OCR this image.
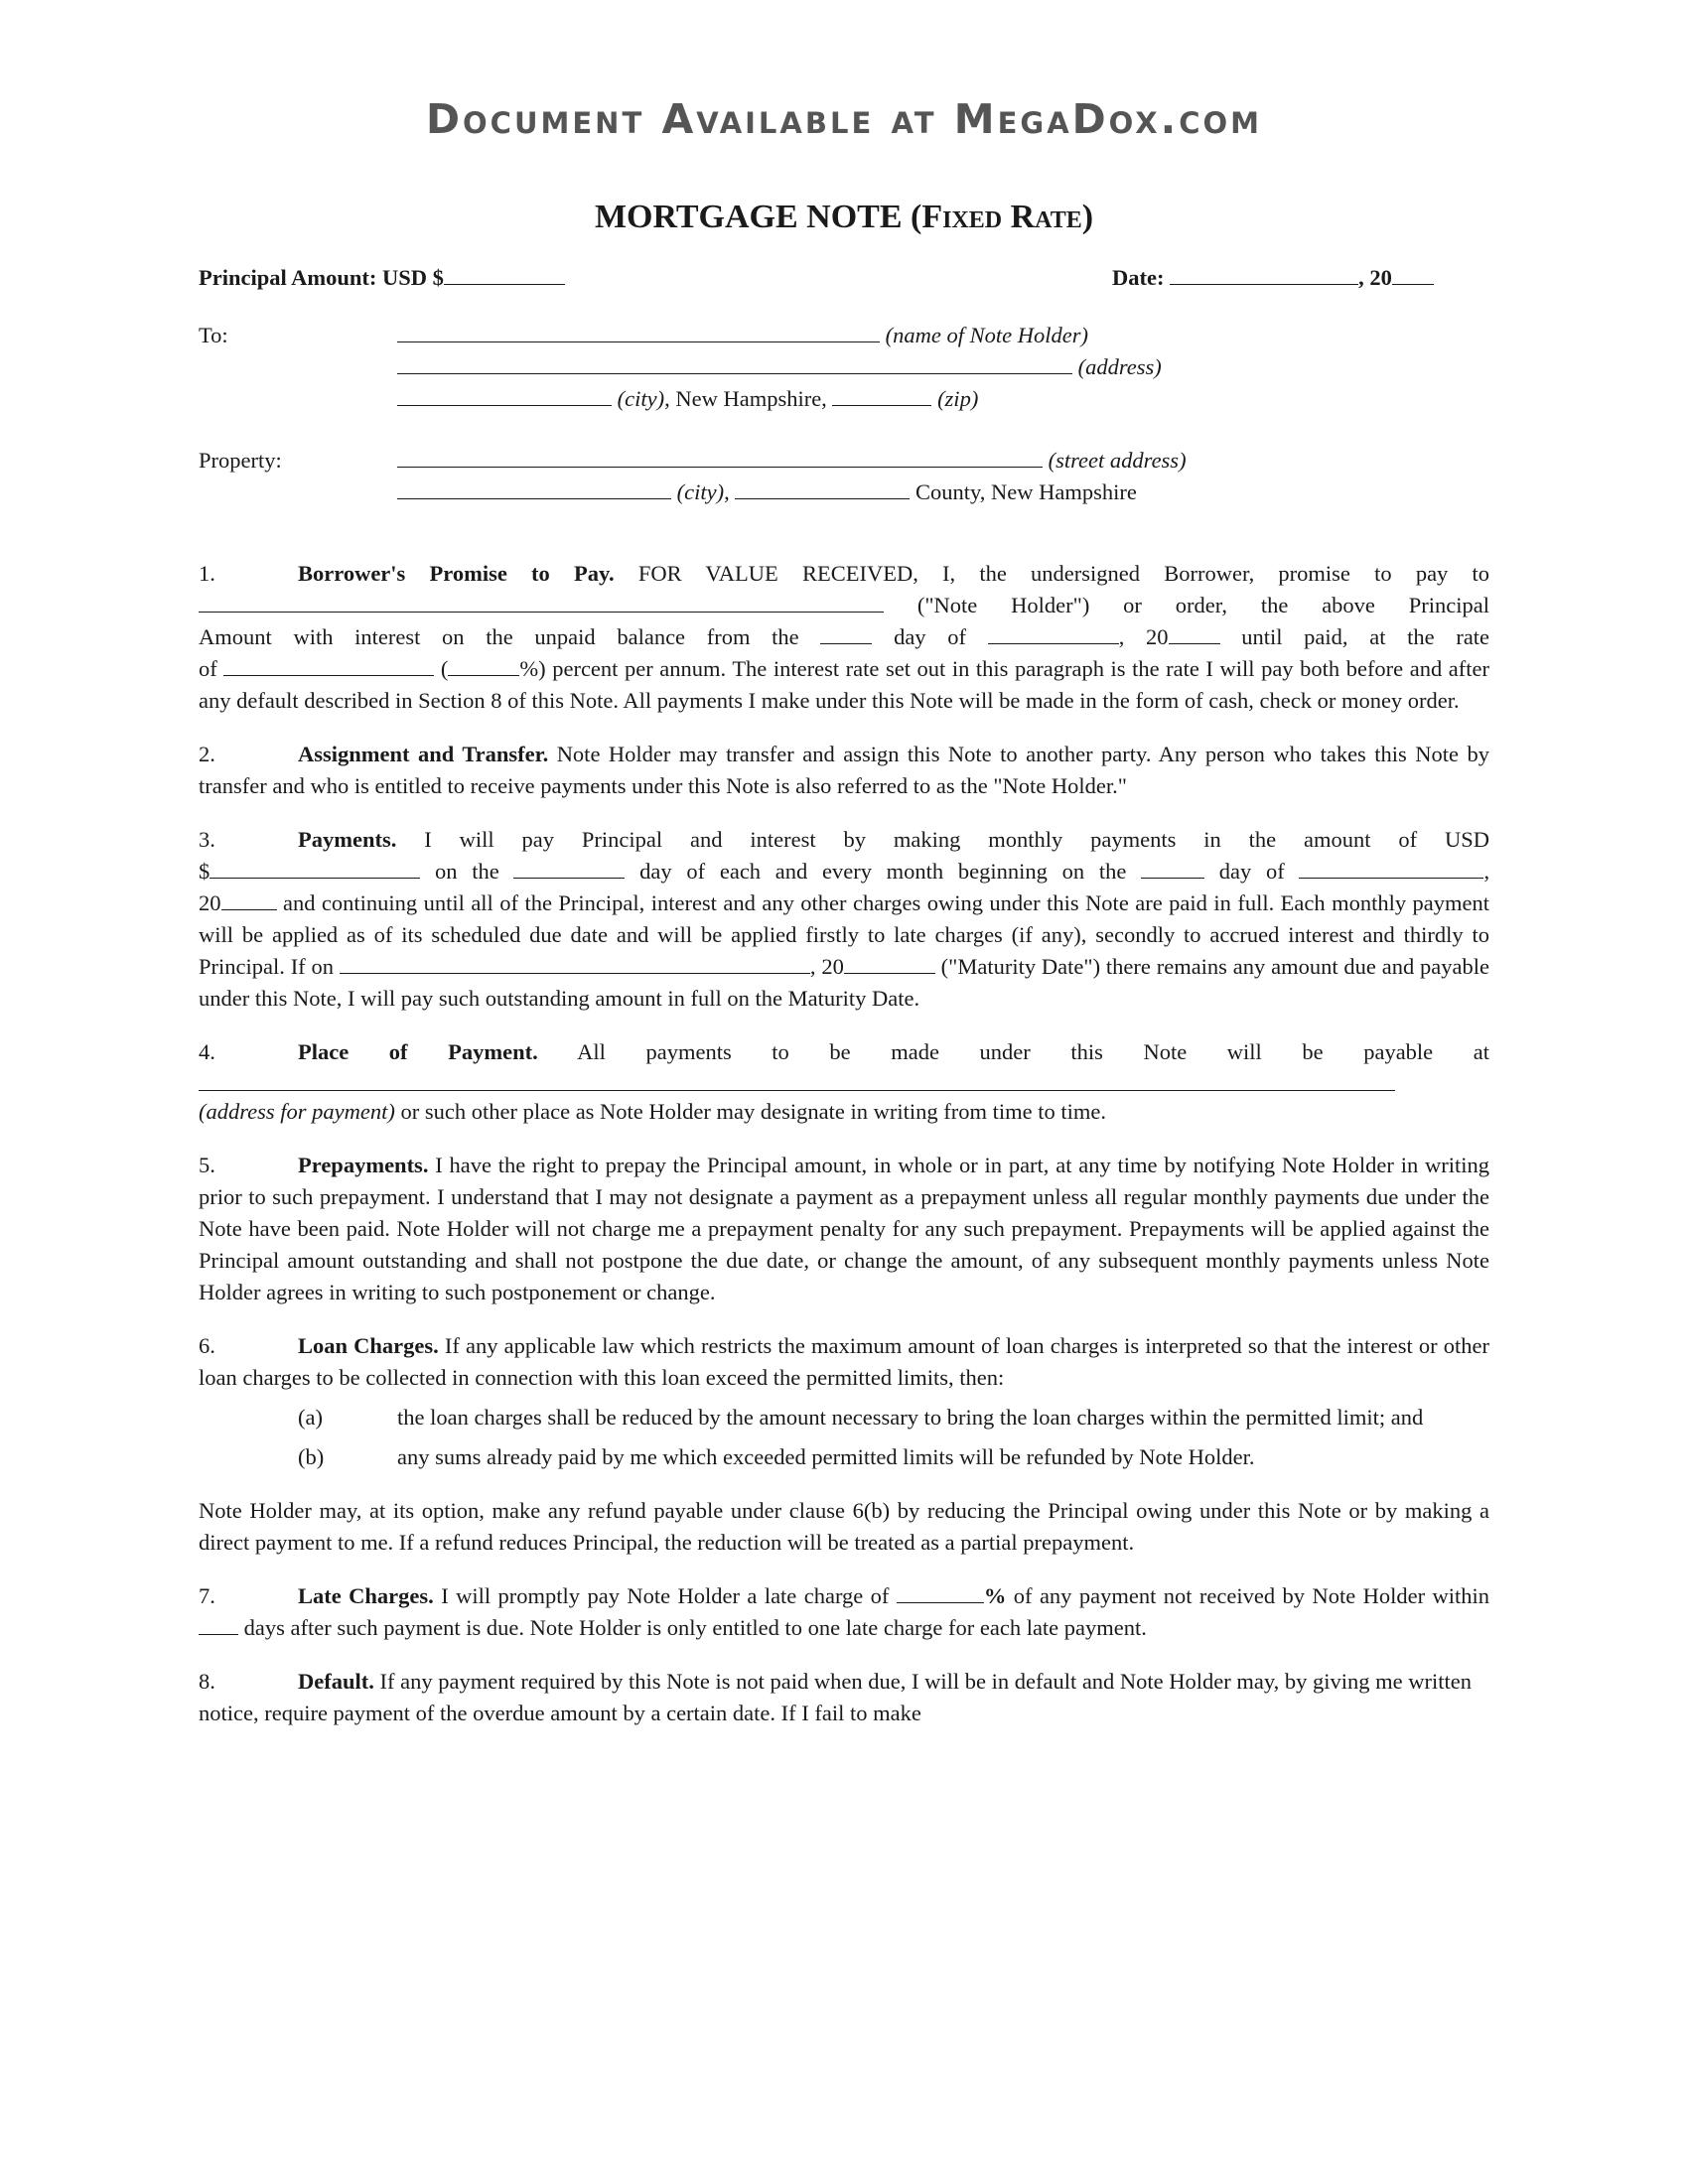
Document Available at MegaDox.com
MORTGAGE NOTE (Fixed Rate)
Principal Amount: USD $	Date:	, 20
To:	(name of Note Holder)
(address)
(city), New Hampshire,	(zip)
Property:	(street address)
(city),	County, New Hampshire
1.	Borrower's Promise to Pay. FOR VALUE RECEIVED, I, the undersigned Borrower, promise to pay to
("Note Holder") or order, the above Principal
Amount with interest on the unpaid balance from the	day of	, 20	until paid, at the rate
of	(	%) percent per annum. The interest rate set out in this paragraph is the rate I will pay both before and after any default described in Section 8 of this Note. All payments I make under this Note will be made in the form of cash, check or money order.
2.	Assignment and Transfer. Note Holder may transfer and assign this Note to another party. Any person who takes this Note by transfer and who is entitled to receive payments under this Note is also referred to as the "Note Holder."
3.	Payments. I will pay Principal and interest by making monthly payments in the amount of USD
$	on the	day of each and every month beginning on the	day of	,
20	and continuing until all of the Principal, interest and any other charges owing under this Note are paid in full. Each monthly payment will be applied as of its scheduled due date and will be applied firstly to late charges (if any), secondly to accrued interest and thirdly to Principal. If on	, 20	("Maturity Date") there remains any amount due and payable under this Note, I will pay such outstanding amount in full on the Maturity Date.
4.	Place of Payment. All payments to be made under this Note will be payable at
(address for payment) or such other place as Note Holder may designate in writing from time to time.
5.	Prepayments. I have the right to prepay the Principal amount, in whole or in part, at any time by notifying Note Holder in writing prior to such prepayment. I understand that I may not designate a payment as a prepayment unless all regular monthly payments due under the Note have been paid. Note Holder will not charge me a prepayment penalty for any such prepayment. Prepayments will be applied against the Principal amount outstanding and shall not postpone the due date, or change the amount, of any subsequent monthly payments unless Note Holder agrees in writing to such postponement or change.
6.	Loan Charges. If any applicable law which restricts the maximum amount of loan charges is interpreted so that the interest or other loan charges to be collected in connection with this loan exceed the permitted limits, then:
(a)	the loan charges shall be reduced by the amount necessary to bring the loan charges within the permitted limit; and
(b)	any sums already paid by me which exceeded permitted limits will be refunded by Note Holder.
Note Holder may, at its option, make any refund payable under clause 6(b) by reducing the Principal owing under this Note or by making a direct payment to me. If a refund reduces Principal, the reduction will be treated as a partial prepayment.
7.	Late Charges. I will promptly pay Note Holder a late charge of	% of any payment not received by Note Holder within  days after such payment is due. Note Holder is only entitled to one late charge for each late payment.
8.	Default. If any payment required by this Note is not paid when due, I will be in default and Note Holder may, by giving me written notice, require payment of the overdue amount by a certain date. If I fail to make
